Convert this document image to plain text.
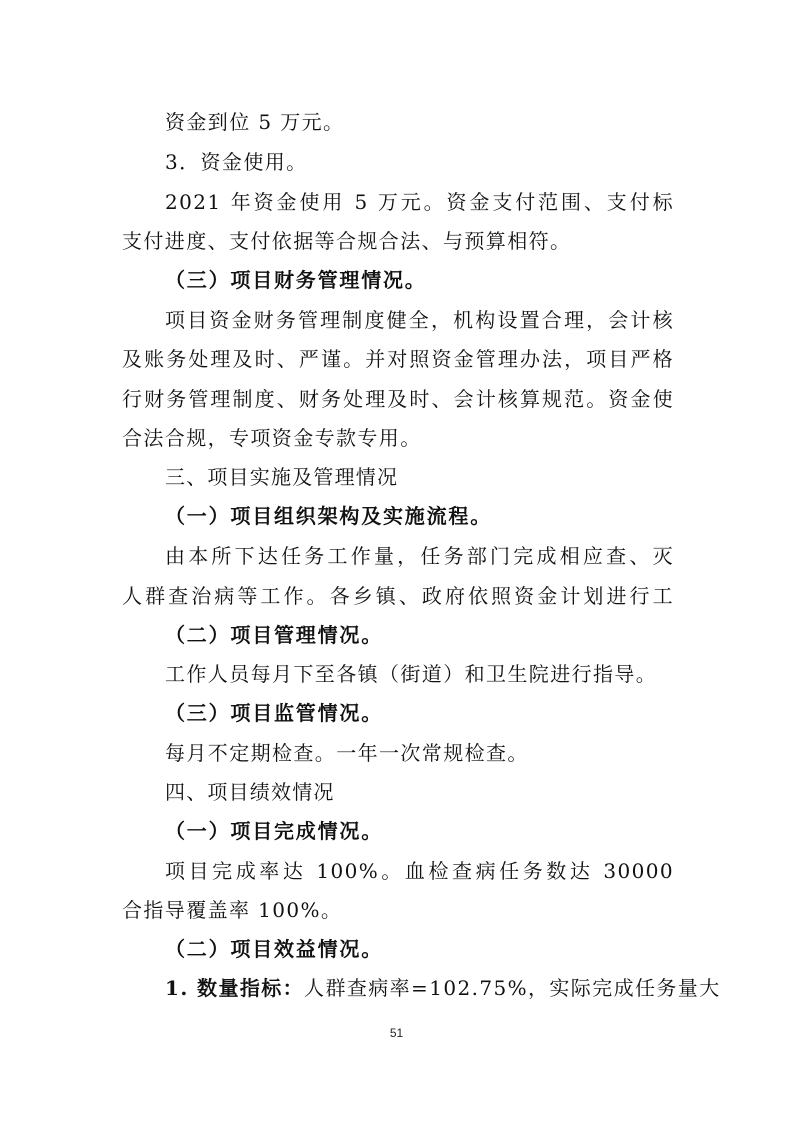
资金到位 5 万元。
3．资金使用。
2021 年资金使用 5 万元。资金支付范围、支付标
支付进度、支付依据等合规合法、与预算相符。
（三）项目财务管理情况。
项目资金财务管理制度健全，机构设置合理，会计核
及账务处理及时、严谨。并对照资金管理办法，项目严格
行财务管理制度、财务处理及时、会计核算规范。资金使
合法合规，专项资金专款专用。
三、项目实施及管理情况
（一）项目组织架构及实施流程。
由本所下达任务工作量，任务部门完成相应查、灭
人群查治病等工作。各乡镇、政府依照资金计划进行工
（二）项目管理情况。
工作人员每月下至各镇（街道）和卫生院进行指导。
（三）项目监管情况。
每月不定期检查。一年一次常规检查。
四、项目绩效情况
（一）项目完成情况。
项目完成率达 100%。血检查病任务数达 30000
合指导覆盖率 100%。
（二）项目效益情况。
1. 数量指标：人群查病率=102.75%，实际完成任务量大
51
